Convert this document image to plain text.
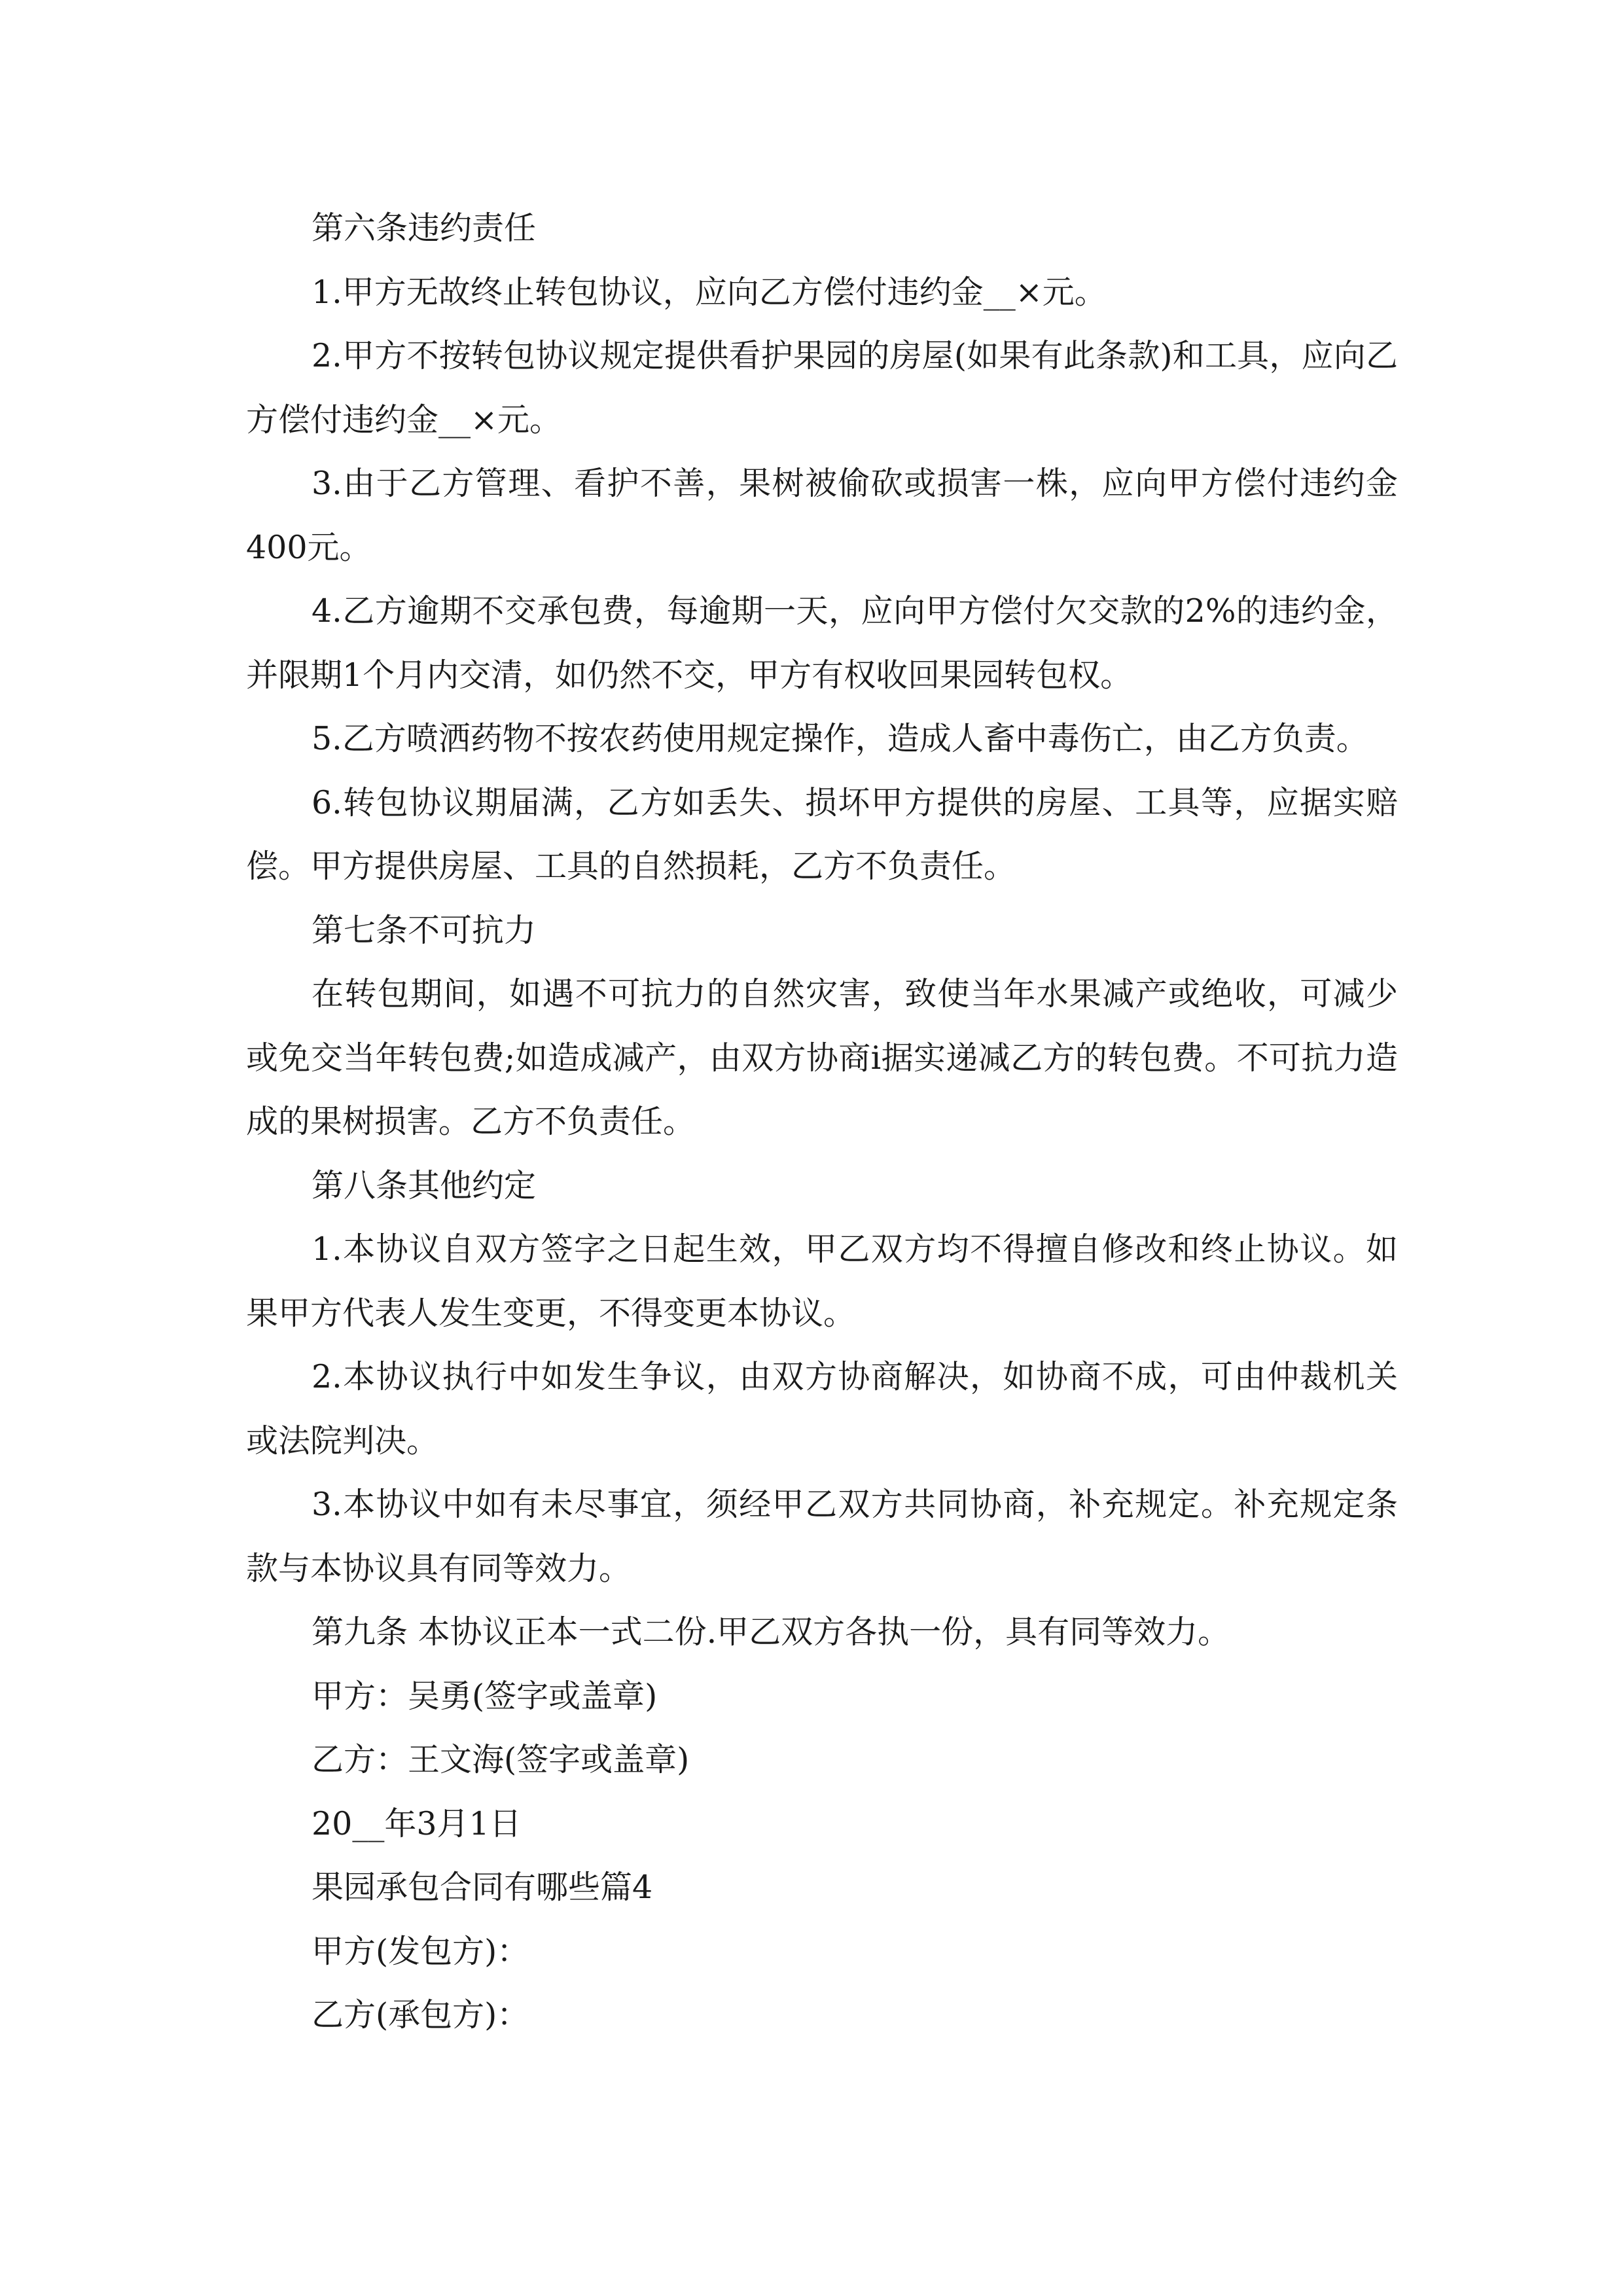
第六条违约责任

1.甲方无故终止转包协议，应向乙方偿付违约金__×元。

2.甲方不按转包协议规定提供看护果园的房屋(如果有此条款)和工具，应向乙方偿付违约金__×元。

3.由于乙方管理、看护不善，果树被偷砍或损害一株，应向甲方偿付违约金400元。

4.乙方逾期不交承包费，每逾期一天，应向甲方偿付欠交款的2%的违约金，并限期1个月内交清，如仍然不交，甲方有权收回果园转包权。

5.乙方喷洒药物不按农药使用规定操作，造成人畜中毒伤亡，由乙方负责。

6.转包协议期届满，乙方如丢失、损坏甲方提供的房屋、工具等，应据实赔偿。甲方提供房屋、工具的自然损耗，乙方不负责任。

第七条不可抗力

在转包期间，如遇不可抗力的自然灾害，致使当年水果减产或绝收，可减少或免交当年转包费;如造成减产，由双方协商i据实递减乙方的转包费。不可抗力造成的果树损害。乙方不负责任。

第八条其他约定

1.本协议自双方签字之日起生效，甲乙双方均不得擅自修改和终止协议。如果甲方代表人发生变更，不得变更本协议。

2.本协议执行中如发生争议，由双方协商解决，如协商不成，可由仲裁机关或法院判决。

3.本协议中如有未尽事宜，须经甲乙双方共同协商，补充规定。补充规定条款与本协议具有同等效力。

第九条 本协议正本一式二份.甲乙双方各执一份，具有同等效力。

甲方：吴勇(签字或盖章)

乙方：王文海(签字或盖章)

20__年3月1日

果园承包合同有哪些篇4

甲方(发包方)：

乙方(承包方)：
